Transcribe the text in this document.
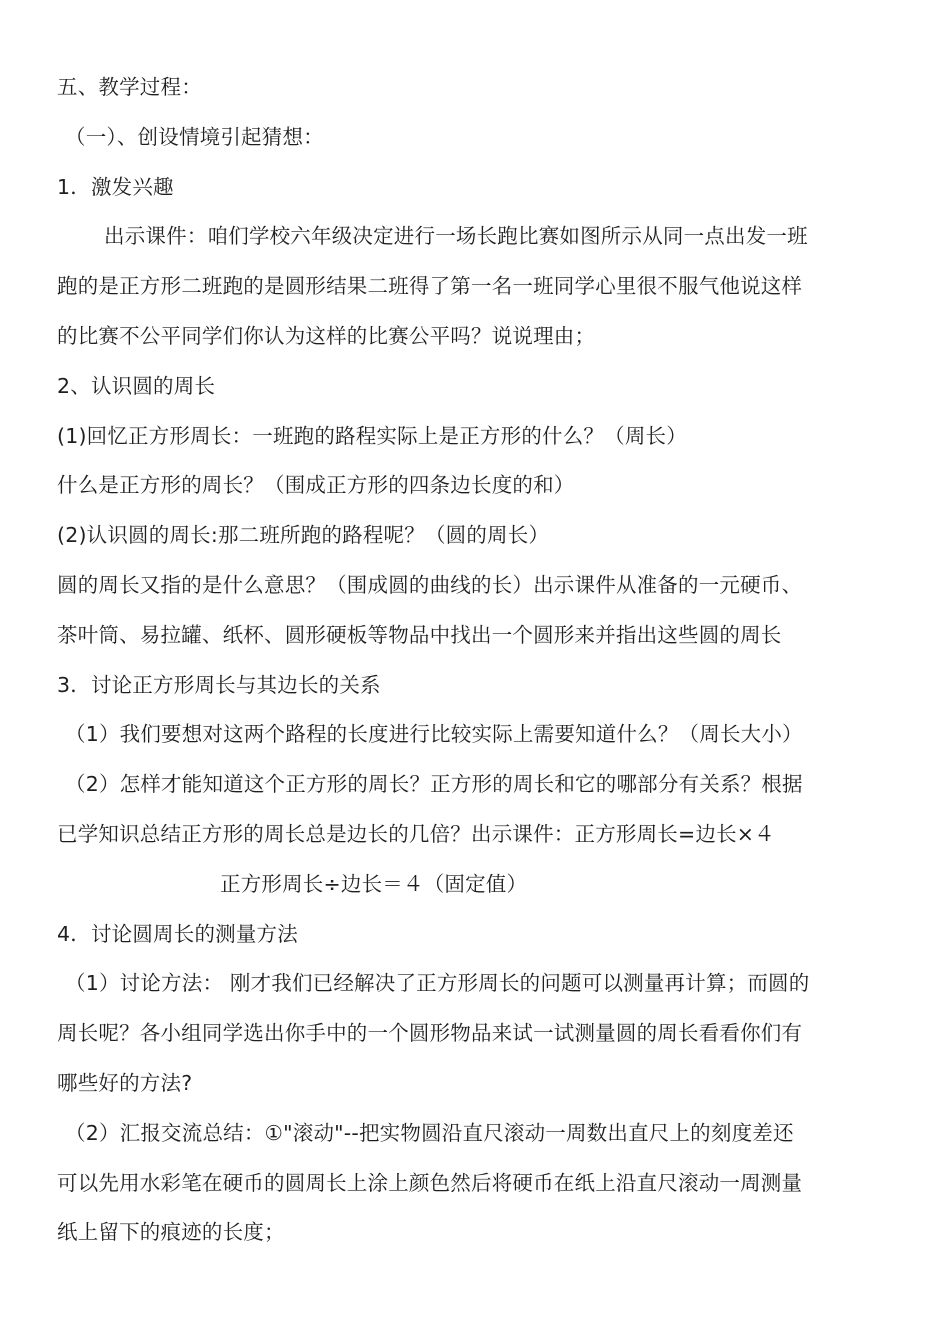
五、教学过程：
（一）、创设情境引起猜想：
1．激发兴趣
出示课件：咱们学校六年级决定进行一场长跑比赛如图所示从同一点出发一班
跑的是正方形二班跑的是圆形结果二班得了第一名一班同学心里很不服气他说这样
的比赛不公平同学们你认为这样的比赛公平吗？说说理由；
2、认识圆的周长
(1)回忆正方形周长：一班跑的路程实际上是正方形的什么？（周长）
什么是正方形的周长？（围成正方形的四条边长度的和）
(2)认识圆的周长:那二班所跑的路程呢？（圆的周长）
圆的周长又指的是什么意思？（围成圆的曲线的长）出示课件从准备的一元硬币、
茶叶筒、易拉罐、纸杯、圆形硬板等物品中找出一个圆形来并指出这些圆的周长
3．讨论正方形周长与其边长的关系
（1）我们要想对这两个路程的长度进行比较实际上需要知道什么？（周长大小）
（2）怎样才能知道这个正方形的周长？正方形的周长和它的哪部分有关系？根据
已学知识总结正方形的周长总是边长的几倍？出示课件：正方形周长=边长×４
正方形周长÷边长＝４（固定值）
4．讨论圆周长的测量方法
（1）讨论方法： 刚才我们已经解决了正方形周长的问题可以测量再计算；而圆的
周长呢？各小组同学选出你手中的一个圆形物品来试一试测量圆的周长看看你们有
哪些好的方法?
（2）汇报交流总结：①"滚动"--把实物圆沿直尺滚动一周数出直尺上的刻度差还
可以先用水彩笔在硬币的圆周长上涂上颜色然后将硬币在纸上沿直尺滚动一周测量
纸上留下的痕迹的长度；
